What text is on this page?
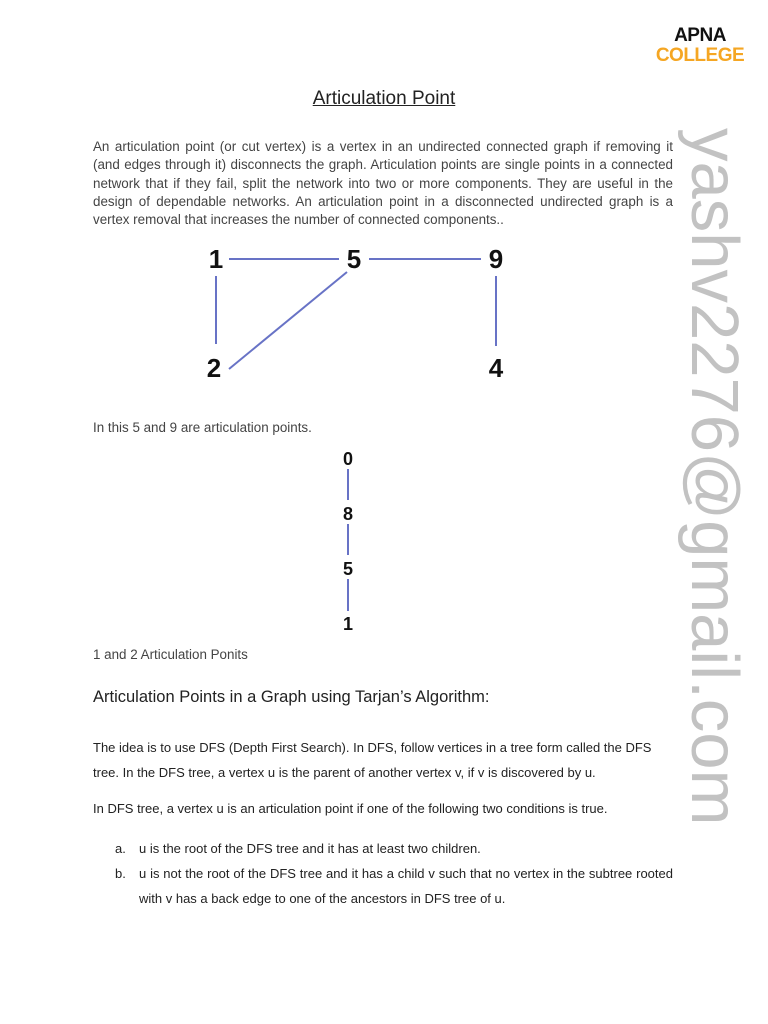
APNA
COLLEGE
Articulation Point

An articulation point (or cut vertex) is a vertex in an undirected connected graph if removing it (and edges through it) disconnects the graph. Articulation points are single points in a connected network that if they fail, split the network into two or more components. They are useful in the design of dependable networks. An articulation point in a disconnected undirected graph is a vertex removal that increases the number of connected components..

1	5	9
2	4

In this 5 and 9 are articulation points.

0
8
5
1

1 and 2 Articulation Ponits

Articulation Points in a Graph using Tarjan’s Algorithm:

The idea is to use DFS (Depth First Search). In DFS, follow vertices in a tree form called the DFS tree. In the DFS tree, a vertex u is the parent of another vertex v, if v is discovered by u.

In DFS tree, a vertex u is an articulation point if one of the following two conditions is true.

a.	u is the root of the DFS tree and it has at least two children.
b.	u is not the root of the DFS tree and it has a child v such that no vertex in the subtree rooted with v has a back edge to one of the ancestors in DFS tree of u.
yashv2276@gmail.com
